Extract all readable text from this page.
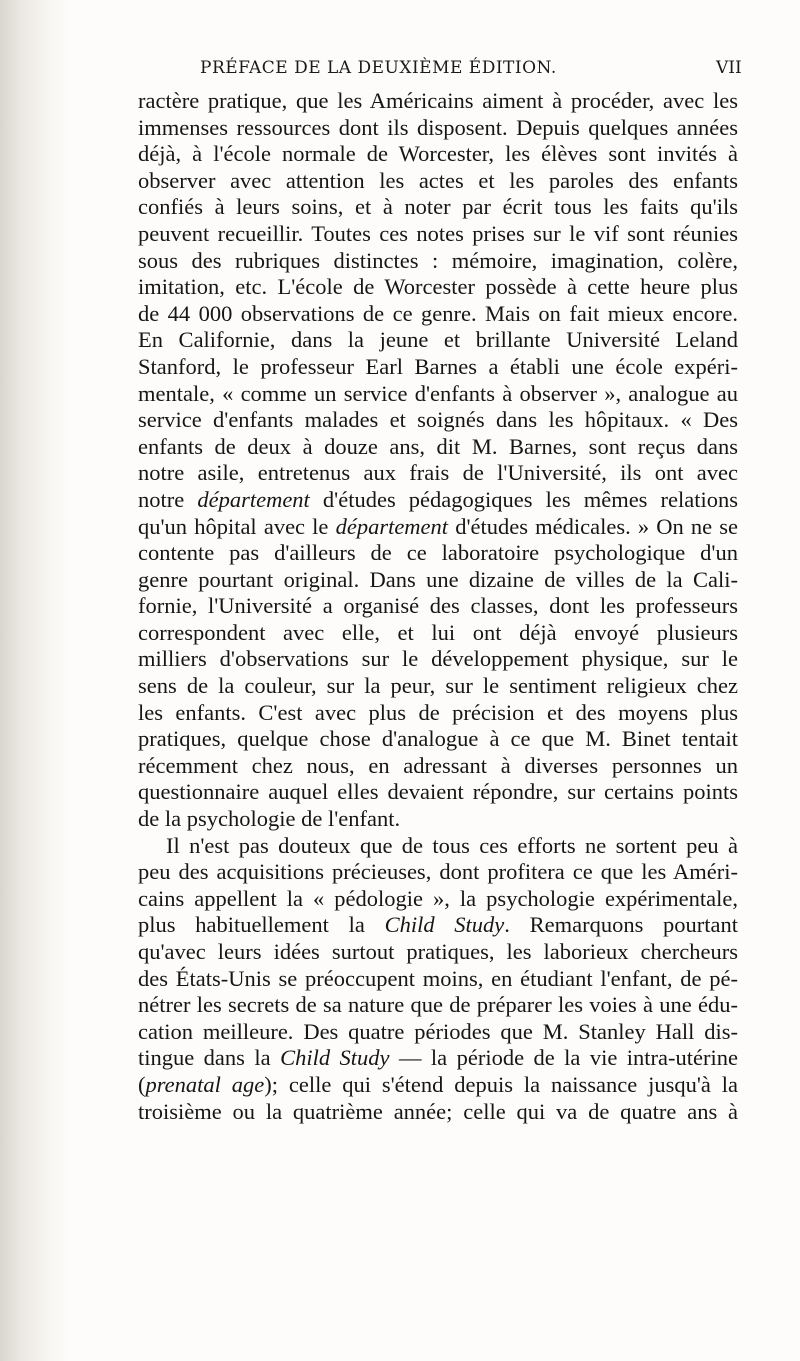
PRÉFACE DE LA DEUXIÈME ÉDITION.	VII
ractère pratique, que les Américains aiment à procéder, avec les
immenses ressources dont ils disposent. Depuis quelques années
déjà, à l'école normale de Worcester, les élèves sont invités à
observer avec attention les actes et les paroles des enfants
confiés à leurs soins, et à noter par écrit tous les faits qu'ils
peuvent recueillir. Toutes ces notes prises sur le vif sont réunies
sous des rubriques distinctes : mémoire, imagination, colère,
imitation, etc. L'école de Worcester possède à cette heure plus
de 44 000 observations de ce genre. Mais on fait mieux encore.
En Californie, dans la jeune et brillante Université Leland
Stanford, le professeur Earl Barnes a établi une école expéri-
mentale, « comme un service d'enfants à observer », analogue au
service d'enfants malades et soignés dans les hôpitaux. « Des
enfants de deux à douze ans, dit M. Barnes, sont reçus dans
notre asile, entretenus aux frais de l'Université, ils ont avec
notre département d'études pédagogiques les mêmes relations
qu'un hôpital avec le département d'études médicales. » On ne se
contente pas d'ailleurs de ce laboratoire psychologique d'un
genre pourtant original. Dans une dizaine de villes de la Cali-
fornie, l'Université a organisé des classes, dont les professeurs
correspondent avec elle, et lui ont déjà envoyé plusieurs
milliers d'observations sur le développement physique, sur le
sens de la couleur, sur la peur, sur le sentiment religieux chez
les enfants. C'est avec plus de précision et des moyens plus
pratiques, quelque chose d'analogue à ce que M. Binet tentait
récemment chez nous, en adressant à diverses personnes un
questionnaire auquel elles devaient répondre, sur certains points
de la psychologie de l'enfant.
Il n'est pas douteux que de tous ces efforts ne sortent peu à
peu des acquisitions précieuses, dont profitera ce que les Améri-
cains appellent la « pédologie », la psychologie expérimentale,
plus habituellement la Child Study. Remarquons pourtant
qu'avec leurs idées surtout pratiques, les laborieux chercheurs
des États-Unis se préoccupent moins, en étudiant l'enfant, de pé-
nétrer les secrets de sa nature que de préparer les voies à une édu-
cation meilleure. Des quatre périodes que M. Stanley Hall dis-
tingue dans la Child Study — la période de la vie intra-utérine
(prenatal age); celle qui s'étend depuis la naissance jusqu'à la
troisième ou la quatrième année; celle qui va de quatre ans à
